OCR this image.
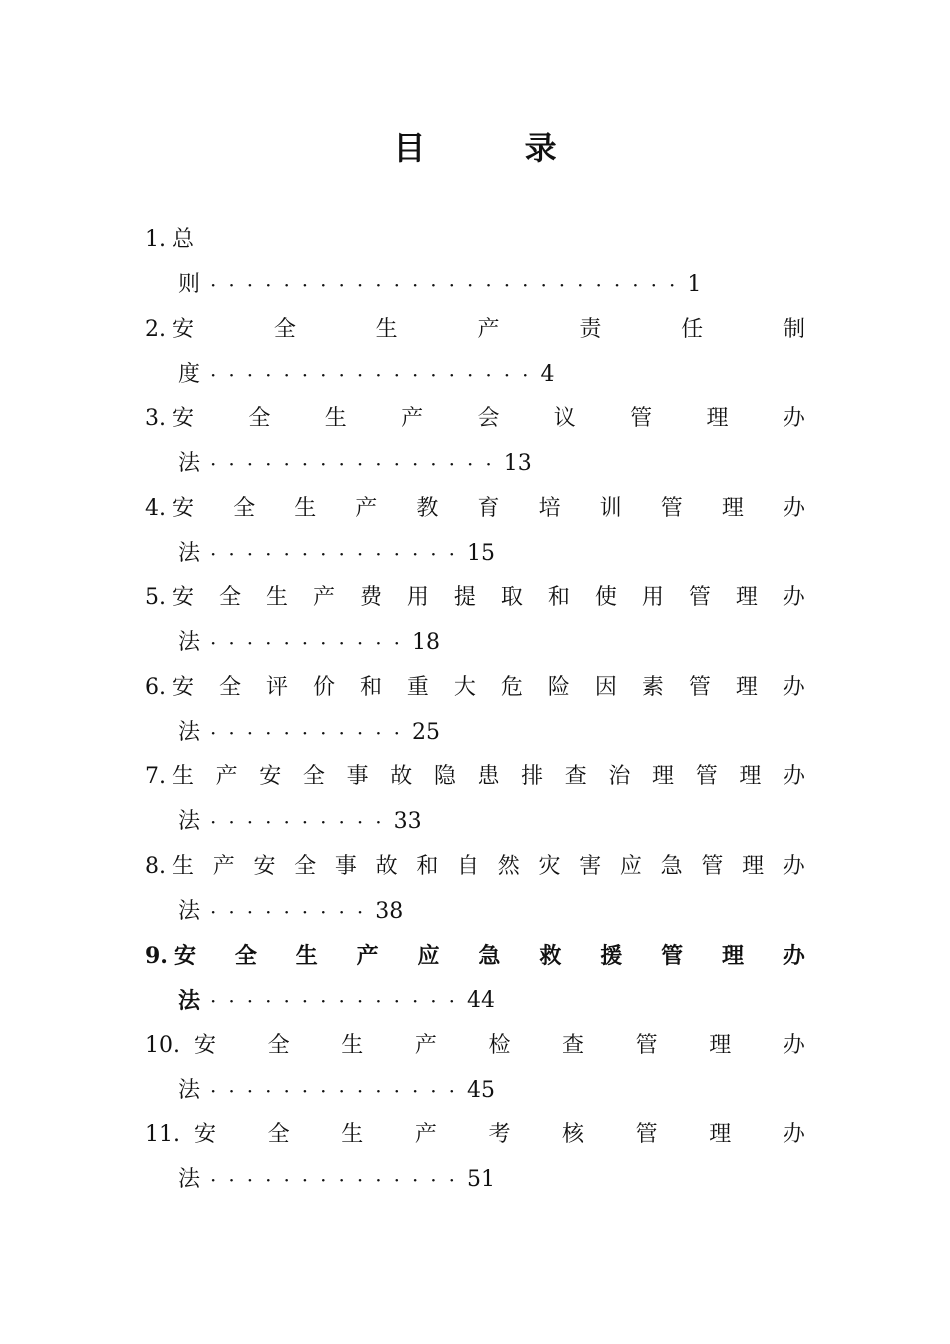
目 录
1. 总
则 ·························· 1
2. 安	全	生	产	责	任	制
度 ·················· 4
3. 安 全 生 产 会 议 管 理 办
法 ················ 13
4. 安 全 生 产 教 育 培 训 管 理 办
法 ·············· 15
5. 安 全 生 产 费 用 提 取 和 使 用 管 理 办
法 ··········· 18
6. 安 全 评 价 和 重 大 危 险 因 素 管 理 办
法 ··········· 25
7. 生 产 安 全 事 故 隐 患 排 查 治 理 管 理 办
法 ·········· 33
8. 生 产 安 全 事 故 和 自 然 灾 害 应 急 管 理 办
法 ········· 38
9. 安 全 生 产 应 急 救 援 管 理 办
法 ·············· 44
10. 安 全 生 产 检 查 管 理 办
法 ·············· 45
11. 安 全 生 产 考 核 管 理 办
法 ·············· 51
